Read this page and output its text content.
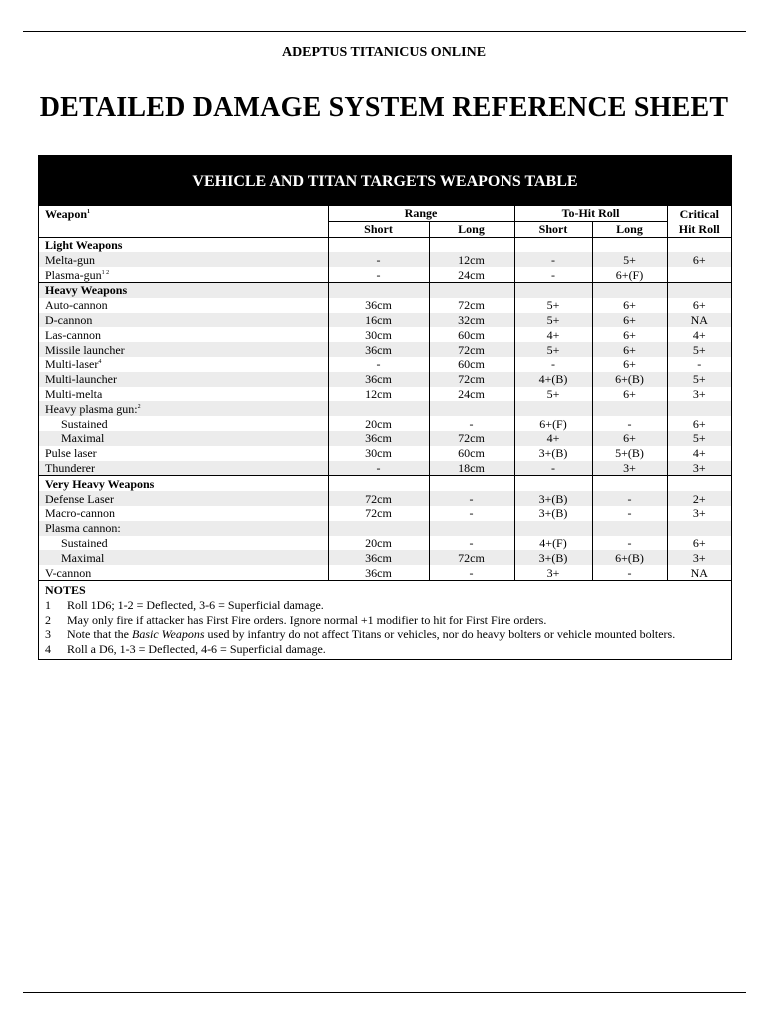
ADEPTUS TITANICUS ONLINE
DETAILED DAMAGE SYSTEM REFERENCE SHEET
VEHICLE AND TITAN TARGETS WEAPONS TABLE
Weapon$^1$	Range		To-Hit Roll		Critical
	Short	Long	Short	Long	Hit Roll
Light Weapons					
Melta-gun	-	12cm	-	5+	6+
Plasma-gun$^{1 2}$	-	24cm	-	6+(F)	
Heavy Weapons					
Auto-cannon	36cm	72cm	5+	6+	6+
D-cannon	16cm	32cm	5+	6+	NA
Las-cannon	30cm	60cm	4+	6+	4+
Missile launcher	36cm	72cm	5+	6+	5+
Multi-laser$^4$	-	60cm	-	6+	-
Multi-launcher	36cm	72cm	4+(B)	6+(B)	5+
Multi-melta	12cm	24cm	5+	6+	3+
Heavy plasma gun:$^2$					
Sustained	20cm	-	6+(F)	-	6+
Maximal	36cm	72cm	4+	6+	5+
Pulse laser	30cm	60cm	3+(B)	5+(B)	4+
Thunderer	-	18cm	-	3+	3+
Very Heavy Weapons					
Defense Laser	72cm	-	3+(B)	-	2+
Macro-cannon	72cm	-	3+(B)	-	3+
Plasma cannon:					
Sustained	20cm	-	4+(F)	-	6+
Maximal	36cm	72cm	3+(B)	6+(B)	3+
V-cannon	36cm	-	3+	-	NA
NOTES
1	Roll 1D6; 1-2 = Deflected, 3-6 = Superficial damage.
2	May only fire if attacker has First Fire orders. Ignore normal +1 modifier to hit for First Fire orders.
3	Note that the Basic Weapons used by infantry do not affect Titans or vehicles, nor do heavy bolters or vehicle mounted bolters.
4	Roll a D6, 1-3 = Deflected, 4-6 = Superficial damage.
